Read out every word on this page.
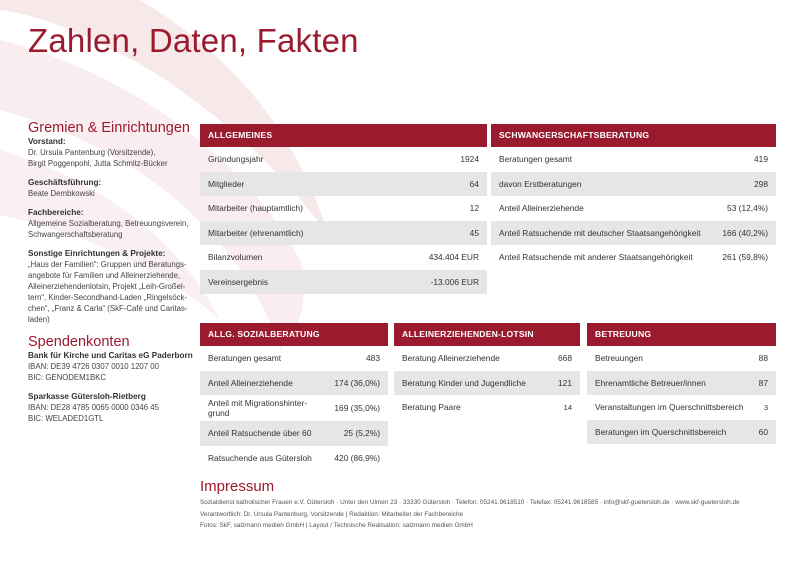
Zahlen, Daten, Fakten
Gremien & Einrichtungen
Vorstand:
Dr. Ursula Pantenburg (Vorsitzende),
Birgit Poggenpohl, Jutta Schmitz-Bücker
Geschäftsführung:
Beate Dembkowski
Fachbereiche:
Allgemeine Sozialberatung, Betreuungsverein,
Schwangerschaftsberatung
Sonstige Einrichtungen & Projekte:
„Haus der Familien“: Gruppen und Beratungs-
angebote für Familien und Alleinerziehende,
Alleinerziehendenlotsin, Projekt „Leih-Großel-
tern“, Kinder-Secondhand-Laden „Ringelsöck-
chen“, „Franz & Carla“ (SkF-Café und Caritas-
laden)
Spendenkonten
Bank für Kirche und Caritas eG Paderborn
IBAN: DE39 4726 0307 0010 1207 00
BIC: GENODEM1BKC
Sparkasse Gütersloh-Rietberg
IBAN: DE28 4785 0065 0000 0346 45
BIC: WELADED1GTL
ALLGEMEINES
Gründungsjahr	1924
Mitglieder	64
Mitarbeiter (hauptamtlich)	12
Mitarbeiter (ehrenamtlich)	45
Bilanzvolumen	434.404 EUR
Vereinsergebnis	-13.006 EUR
SCHWANGERSCHAFTSBERATUNG
Beratungen gesamt	419
davon Erstberatungen	298
Anteil Alleinerziehende	53 (12,4%)
Anteil Ratsuchende mit deutscher Staatsangehörigkeit	166 (40,2%)
Anteil Ratsuchende mit anderer Staatsangehörigkeit	261 (59,8%)
ALLG. SOZIALBERATUNG
Beratungen gesamt	483
Anteil Alleinerziehende	174 (36,0%)
Anteil mit Migrationshinter-
grund	169 (35,0%)
Anteil Ratsuchende über 60	25 (5,2%)
Ratsuchende aus Gütersloh	420 (86,9%)
ALLEINERZIEHENDEN-LOTSIN
Beratung Alleinerziehende	668
Beratung Kinder und Jugendliche	121
Beratung Paare	14
BETREUUNG
Betreuungen	88
Ehrenamtliche Betreuer/innen	87
Veranstaltungen im Querschnittsbereich	3
Beratungen im Querschnittsbereich	60
Impressum
Sozialdienst katholischer Frauen e.V. Gütersloh · Unter den Ulmen 23 · 33330 Gütersloh · Telefon: 05241.9618510 · Telefax: 05241.9618585 · info@skf-guetersloh.de · www.skf-guetersloh.de
Verantwortlich: Dr. Ursula Pantenburg, Vorsitzende | Redaktion: Mitarbeiter der Fachbereiche
Fotos: SkF, salzmann medien GmbH | Layout / Technische Realisation: salzmann medien GmbH
